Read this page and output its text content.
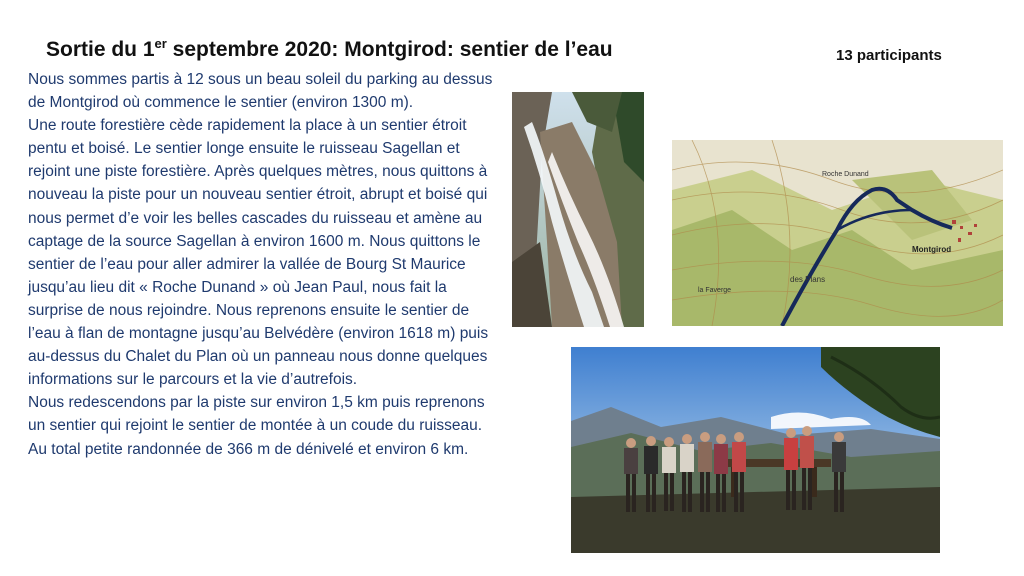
Sortie du 1er septembre 2020: Montgirod: sentier de l’eau	13 participants

Nous sommes partis à 12 sous un beau soleil du parking au dessus de Montgirod où commence le sentier (environ 1300 m).

Une route forestière cède rapidement la place à un sentier étroit pentu et boisé. Le sentier longe ensuite le ruisseau Sagellan et rejoint une piste forestière. Après quelques mètres, nous quittons à nouveau la piste pour un nouveau sentier étroit, abrupt et boisé qui nous permet d’e voir les belles cascades du ruisseau et amène au captage de la source Sagellan à environ 1600 m. Nous quittons le sentier de l’eau pour aller admirer la vallée de Bourg St Maurice jusqu’au lieu dit « Roche Dunand » où Jean Paul, nous fait la surprise de nous rejoindre. Nous reprenons ensuite le sentier de l’eau à flan de montagne jusqu’au Belvédère (environ 1618 m) puis au-dessus du Chalet du Plan où un panneau nous donne quelques informations sur le parcours et la vie d’autrefois.

Nous redescendons par la piste sur environ 1,5 km puis reprenons un sentier qui rejoint le sentier de montée à un coude du ruisseau.

Au total petite randonnée de 366 m de dénivelé et environ 6 km.

Roche Dunand
Montgirod
la Faverge
des Plans
